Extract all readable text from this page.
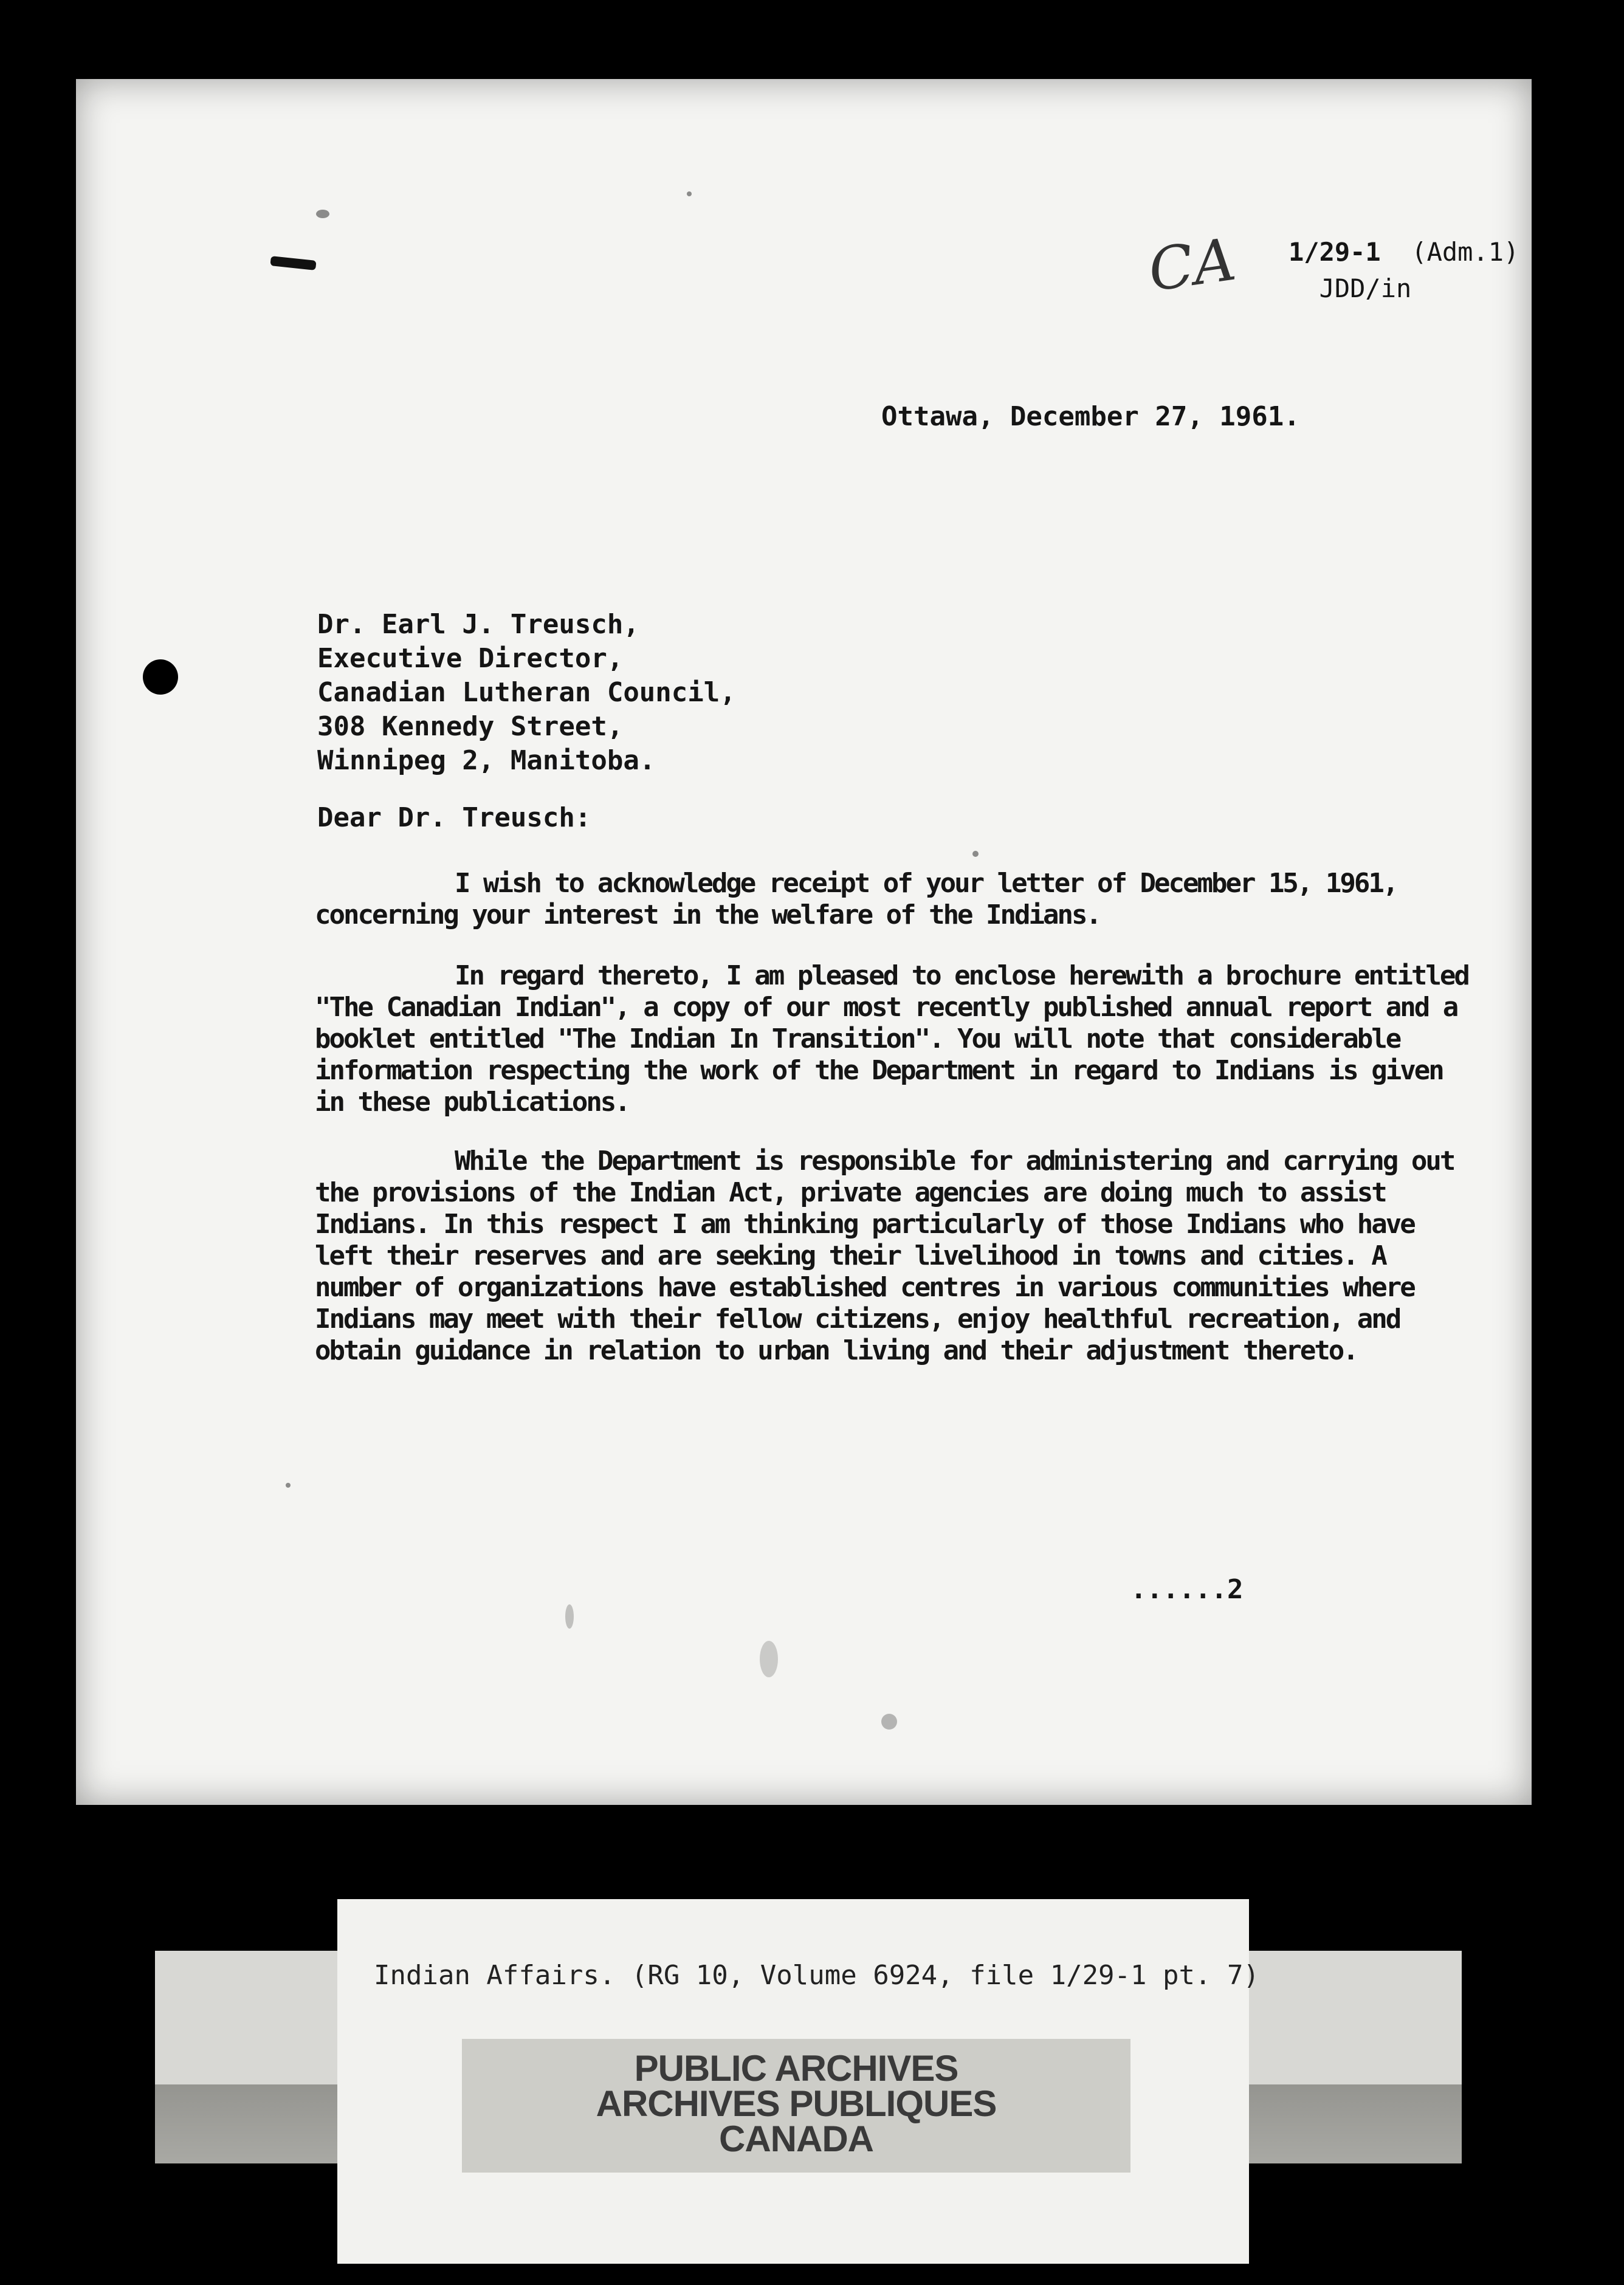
CA 1/29-1 (Adm.1)
JDD/in
Ottawa, December 27, 1961.
Dr. Earl J. Treusch,
Executive Director,
Canadian Lutheran Council,
308 Kennedy Street,
Winnipeg 2, Manitoba.
Dear Dr. Treusch:

I wish to acknowledge receipt of your letter of December 15, 1961, concerning your interest in the welfare of the Indians.

In regard thereto, I am pleased to enclose herewith a brochure entitled "The Canadian Indian", a copy of our most recently published annual report and a booklet entitled "The Indian In Transition". You will note that considerable information respecting the work of the Department in regard to Indians is given in these publications.

While the Department is responsible for administering and carrying out the provisions of the Indian Act, private agencies are doing much to assist Indians. In this respect I am thinking particularly of those Indians who have left their reserves and are seeking their livelihood in towns and cities. A number of organizations have established centres in various communities where Indians may meet with their fellow citizens, enjoy healthful recreation, and obtain guidance in relation to urban living and their adjustment thereto.

......2
Indian Affairs. (RG 10, Volume 6924, file 1/29-1 pt. 7)
PUBLIC ARCHIVES
ARCHIVES PUBLIQUES
CANADA
